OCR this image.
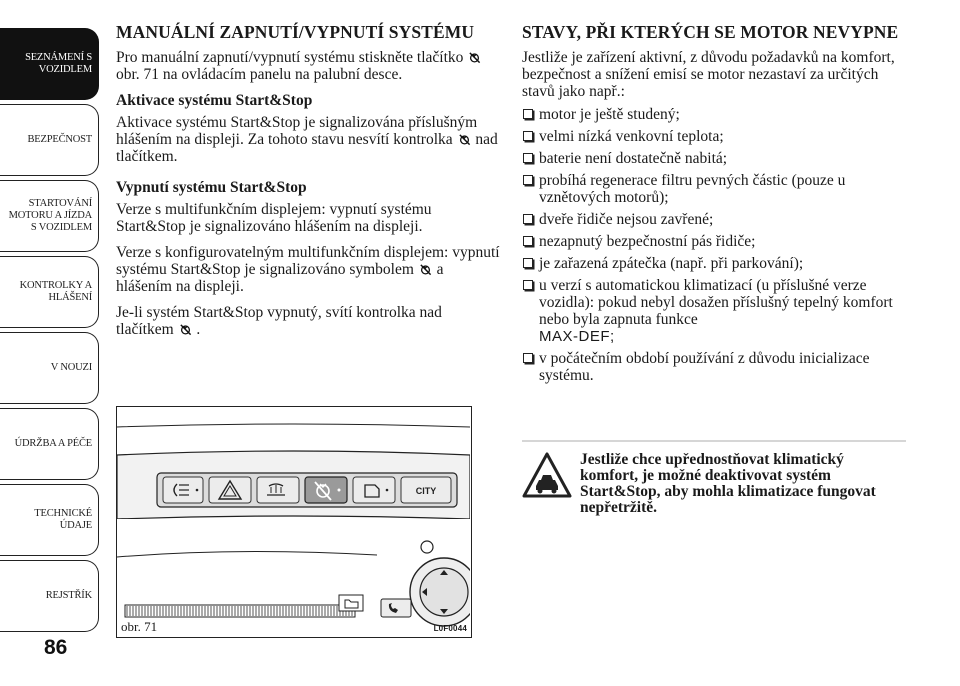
SEZNÁMENÍ S
VOZIDLEM
BEZPEČNOST
STARTOVÁNÍ
MOTORU A JÍZDA
S VOZIDLEM
KONTROLKY A
HLÁŠENÍ
V NOUZI
ÚDRŽBA A PÉČE
TECHNICKÉ
ÚDAJE
REJSTŘÍK
86
MANUÁLNÍ ZAPNUTÍ/VYPNUTÍ SYSTÉMU

Pro manuální zapnutí/vypnutí systému stiskněte tlačítko
obr. 71 na ovládacím panelu na palubní desce.

Aktivace systému Start&Stop

Aktivace systému Start&Stop je signalizována příslušným hlášením na displeji. Za tohoto stavu nesvítí kontrolka nad tlačítkem.

Vypnutí systému Start&Stop

Verze s multifunkčním displejem: vypnutí systému Start&Stop je signalizováno hlášením na displeji.

Verze s konfigurovatelným multifunkčním displejem: vypnutí systému Start&Stop je signalizováno symbolem a hlášením na displeji.

Je-li systém Start&Stop vypnutý, svítí kontrolka nad tlačítkem .

CITY
obr. 71	L0F0044
STAVY, PŘI KTERÝCH SE MOTOR NEVYPNE

Jestliže je zařízení aktivní, z důvodu požadavků na komfort, bezpečnost a snížení emisí se motor nezastaví za určitých stavů jako např.:

motor je ještě studený;
velmi nízká venkovní teplota;
baterie není dostatečně nabitá;
probíhá regenerace filtru pevných částic (pouze u vznětových motorů);
dveře řidiče nejsou zavřené;
nezapnutý bezpečnostní pás řidiče;
je zařazená zpátečka (např. při parkování);
u verzí s automatickou klimatizací (u příslušné verze vozidla): pokud nebyl dosažen příslušný tepelný komfort nebo byla zapnuta funkce
MAX-DEF;
v počátečním období používání z důvodu inicializace systému.
Jestliže chce upřednostňovat klimatický komfort, je možné deaktivovat systém Start&Stop, aby mohla klimatizace fungovat nepřetržitě.
